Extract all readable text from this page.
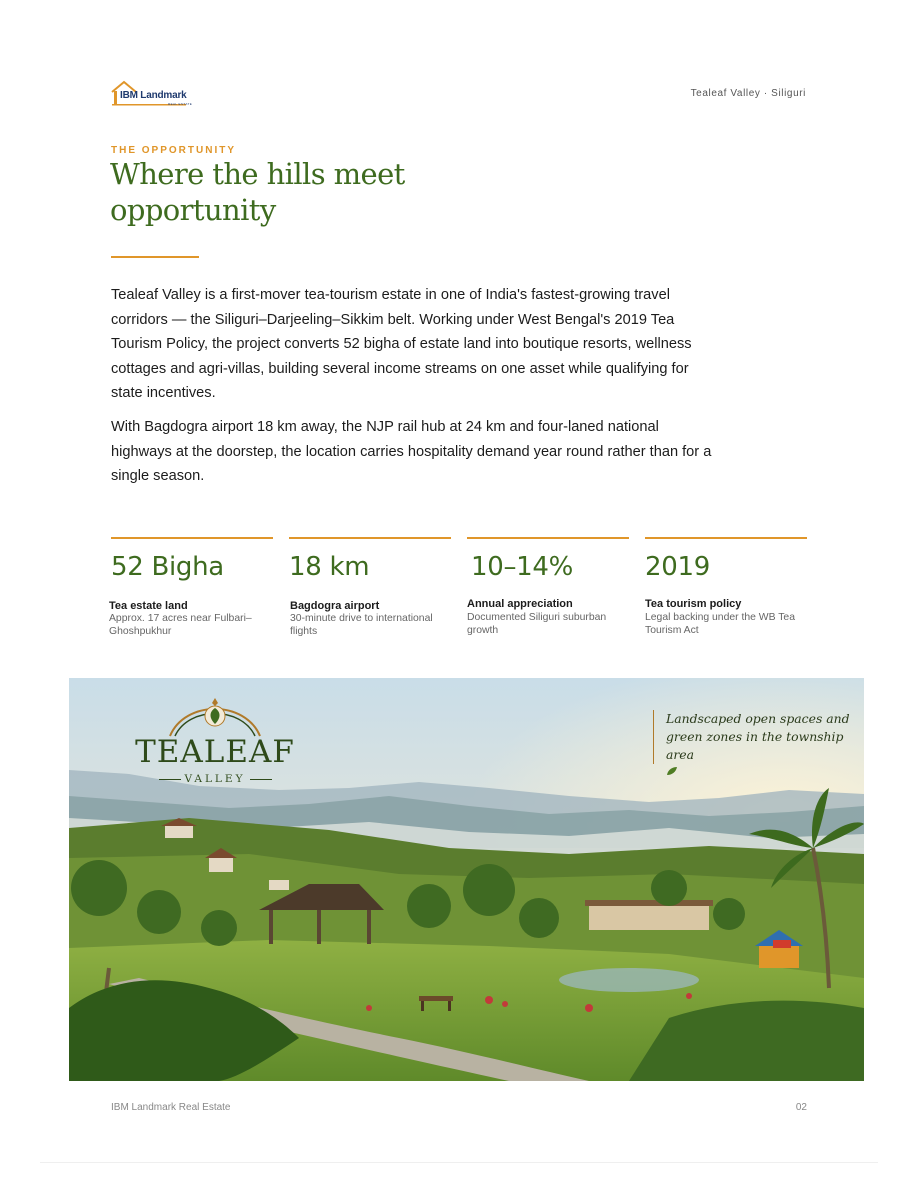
IBM Landmark
REAL ESTATE
Tealeaf Valley · Siliguri
THE OPPORTUNITY
Where the hills meet opportunity

Tealeaf Valley is a first-mover tea-tourism estate in one of India's fastest-growing travel corridors — the Siliguri–Darjeeling–Sikkim belt. Working under West Bengal's 2019 Tea Tourism Policy, the project converts 52 bigha of estate land into boutique resorts, wellness cottages and agri-villas, building several income streams on one asset while qualifying for state incentives.

With Bagdogra airport 18 km away, the NJP rail hub at 24 km and four-laned national highways at the doorstep, the location carries hospitality demand year round rather than for a single season.

52 Bigha
Tea estate land
Approx. 17 acres near Fulbari–Ghoshpukhur
18 km
Bagdogra airport
30-minute drive to international flights
10–14%
Annual appreciation
Documented Siliguri suburban growth
2019
Tea tourism policy
Legal backing under the WB Tea Tourism Act
TEALEAF
VALLEY
Landscaped open spaces and green zones in the township area
IBM Landmark Real Estate	02
